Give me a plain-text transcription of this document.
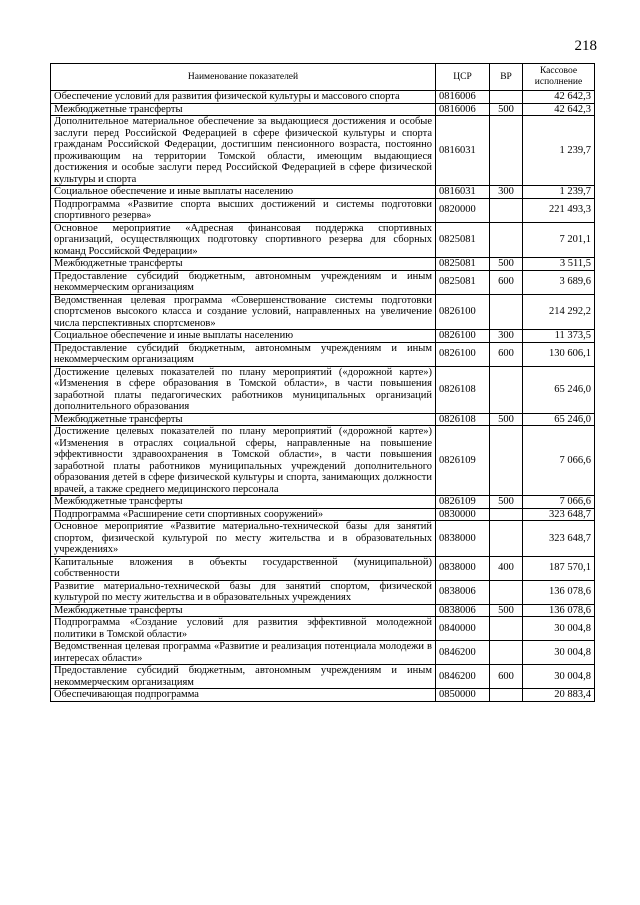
218
Наименование показателей	ЦСР	ВР	Кассовое исполнение
Обеспечение условий для развития физической культуры и массового спорта	0816006		42 642,3
Межбюджетные трансферты	0816006	500	42 642,3
Дополнительное материальное обеспечение за выдающиеся достижения и особые заслуги перед Российской Федерацией в сфере физической культуры и спорта гражданам Российской Федерации, достигшим пенсионного возраста, постоянно проживающим на территории Томской области, имеющим выдающиеся достижения и особые заслуги перед Российской Федерацией в сфере физической культуры и спорта	0816031		1 239,7
Социальное обеспечение и иные выплаты населению	0816031	300	1 239,7
Подпрограмма «Развитие спорта высших достижений и системы подготовки спортивного резерва»	0820000		221 493,3
Основное мероприятие «Адресная финансовая поддержка спортивных организаций, осуществляющих подготовку спортивного резерва для сборных команд Российской Федерации»	0825081		7 201,1
Межбюджетные трансферты	0825081	500	3 511,5
Предоставление субсидий бюджетным, автономным учреждениям и иным некоммерческим организациям	0825081	600	3 689,6
Ведомственная целевая программа «Совершенствование системы подготовки спортсменов высокого класса и создание условий, направленных на увеличение числа перспективных спортсменов»	0826100		214 292,2
Социальное обеспечение и иные выплаты населению	0826100	300	11 373,5
Предоставление субсидий бюджетным, автономным учреждениям и иным некоммерческим организациям	0826100	600	130 606,1
Достижение целевых показателей по плану мероприятий («дорожной карте») «Изменения в сфере образования в Томской области», в части повышения заработной платы педагогических работников муниципальных организаций дополнительного образования	0826108		65 246,0
Межбюджетные трансферты	0826108	500	65 246,0
Достижение целевых показателей по плану мероприятий («дорожной карте») «Изменения в отраслях социальной сферы, направленные на повышение эффективности здравоохранения в Томской области», в части повышения заработной платы работников муниципальных учреждений дополнительного образования детей в сфере физической культуры и спорта, занимающих должности врачей, а также среднего медицинского персонала	0826109		7 066,6
Межбюджетные трансферты	0826109	500	7 066,6
Подпрограмма «Расширение сети спортивных сооружений»	0830000		323 648,7
Основное мероприятие «Развитие материально-технической базы для занятий спортом, физической культурой по месту жительства и в образовательных учреждениях»	0838000		323 648,7
Капитальные вложения в объекты государственной (муниципальной) собственности	0838000	400	187 570,1
Развитие материально-технической базы для занятий спортом, физической культурой по месту жительства и в образовательных учреждениях	0838006		136 078,6
Межбюджетные трансферты	0838006	500	136 078,6
Подпрограмма «Создание условий для развития эффективной молодежной политики в Томской области»	0840000		30 004,8
Ведомственная целевая программа «Развитие и реализация потенциала молодежи в интересах области»	0846200		30 004,8
Предоставление субсидий бюджетным, автономным учреждениям и иным некоммерческим организациям	0846200	600	30 004,8
Обеспечивающая подпрограмма	0850000		20 883,4
